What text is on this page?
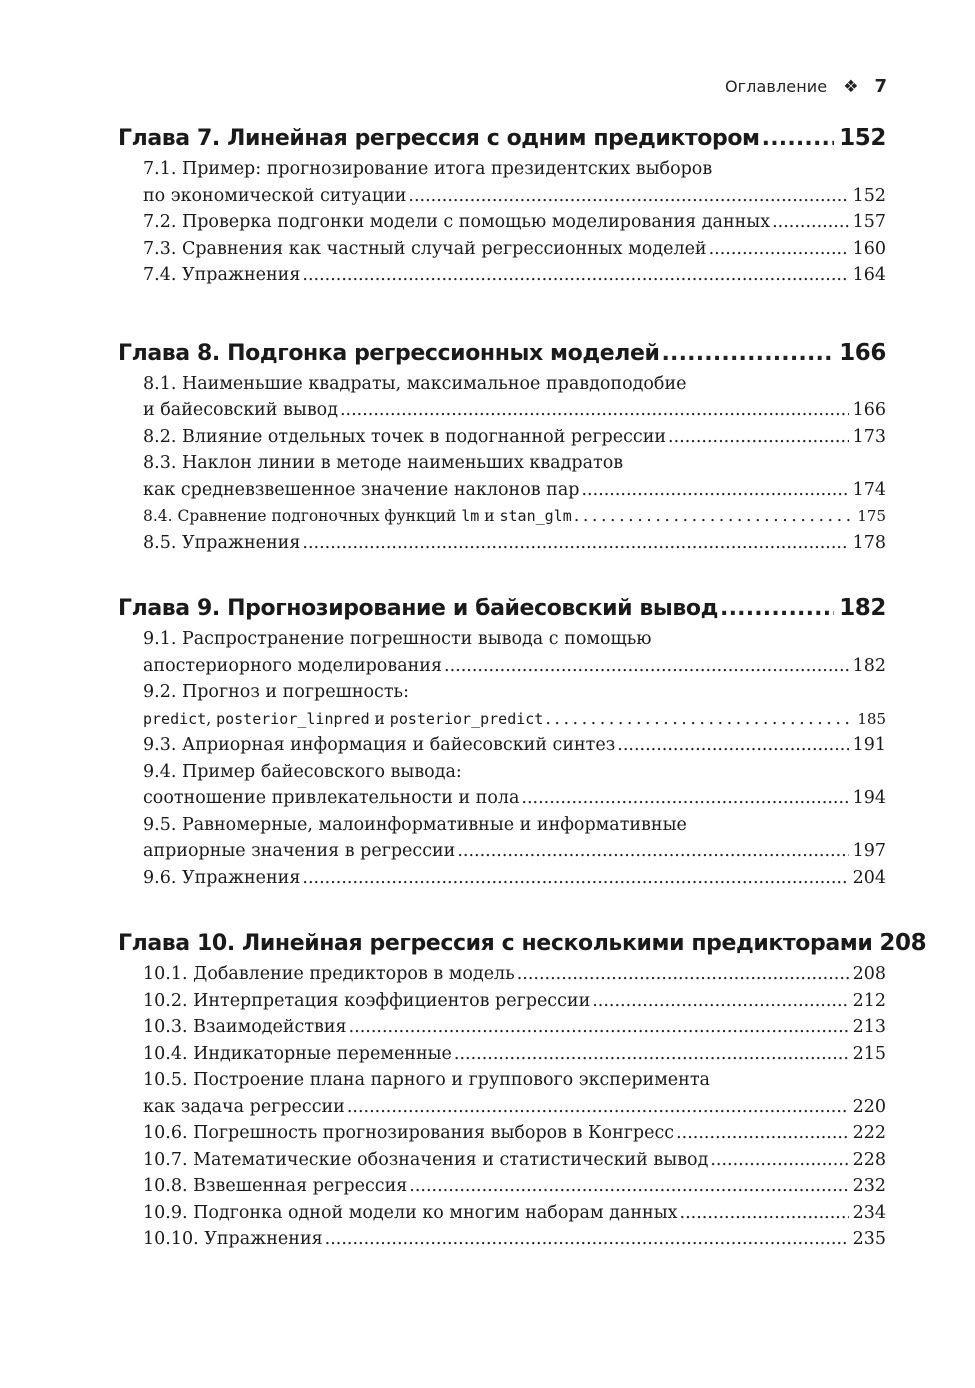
Оглавление ❖ 7
Глава 7. Линейная регрессия с одним предиктором .....	152
7.1. Пример: прогнозирование итога президентских выборов
по экономической ситуации .....	152
7.2. Проверка подгонки модели с помощью моделирования данных .....	157
7.3. Сравнения как частный случай регрессионных моделей .....	160
7.4. Упражнения .....	164
Глава 8. Подгонка регрессионных моделей .....	166
8.1. Наименьшие квадраты, максимальное правдоподобие
и байесовский вывод .....	166
8.2. Влияние отдельных точек в подогнанной регрессии .....	173
8.3. Наклон линии в методе наименьших квадратов
как средневзвешенное значение наклонов пар .....	174
8.4. Сравнение подгоночных функций lm и stan_glm .....	175
8.5. Упражнения .....	178
Глава 9. Прогнозирование и байесовский вывод .....	182
9.1. Распространение погрешности вывода с помощью
апостериорного моделирования .....	182
9.2. Прогноз и погрешность:
predict, posterior_linpred и posterior_predict .....	185
9.3. Априорная информация и байесовский синтез .....	191
9.4. Пример байесовского вывода:
соотношение привлекательности и пола .....	194
9.5. Равномерные, малоинформативные и информативные
априорные значения в регрессии .....	197
9.6. Упражнения .....	204
Глава 10. Линейная регрессия с несколькими предикторами 208
10.1. Добавление предикторов в модель .....	208
10.2. Интерпретация коэффициентов регрессии .....	212
10.3. Взаимодействия .....	213
10.4. Индикаторные переменные .....	215
10.5. Построение плана парного и группового эксперимента
как задача регрессии .....	220
10.6. Погрешность прогнозирования выборов в Конгресс .....	222
10.7. Математические обозначения и статистический вывод .....	228
10.8. Взвешенная регрессия .....	232
10.9. Подгонка одной модели ко многим наборам данных .....	234
10.10. Упражнения .....	235
